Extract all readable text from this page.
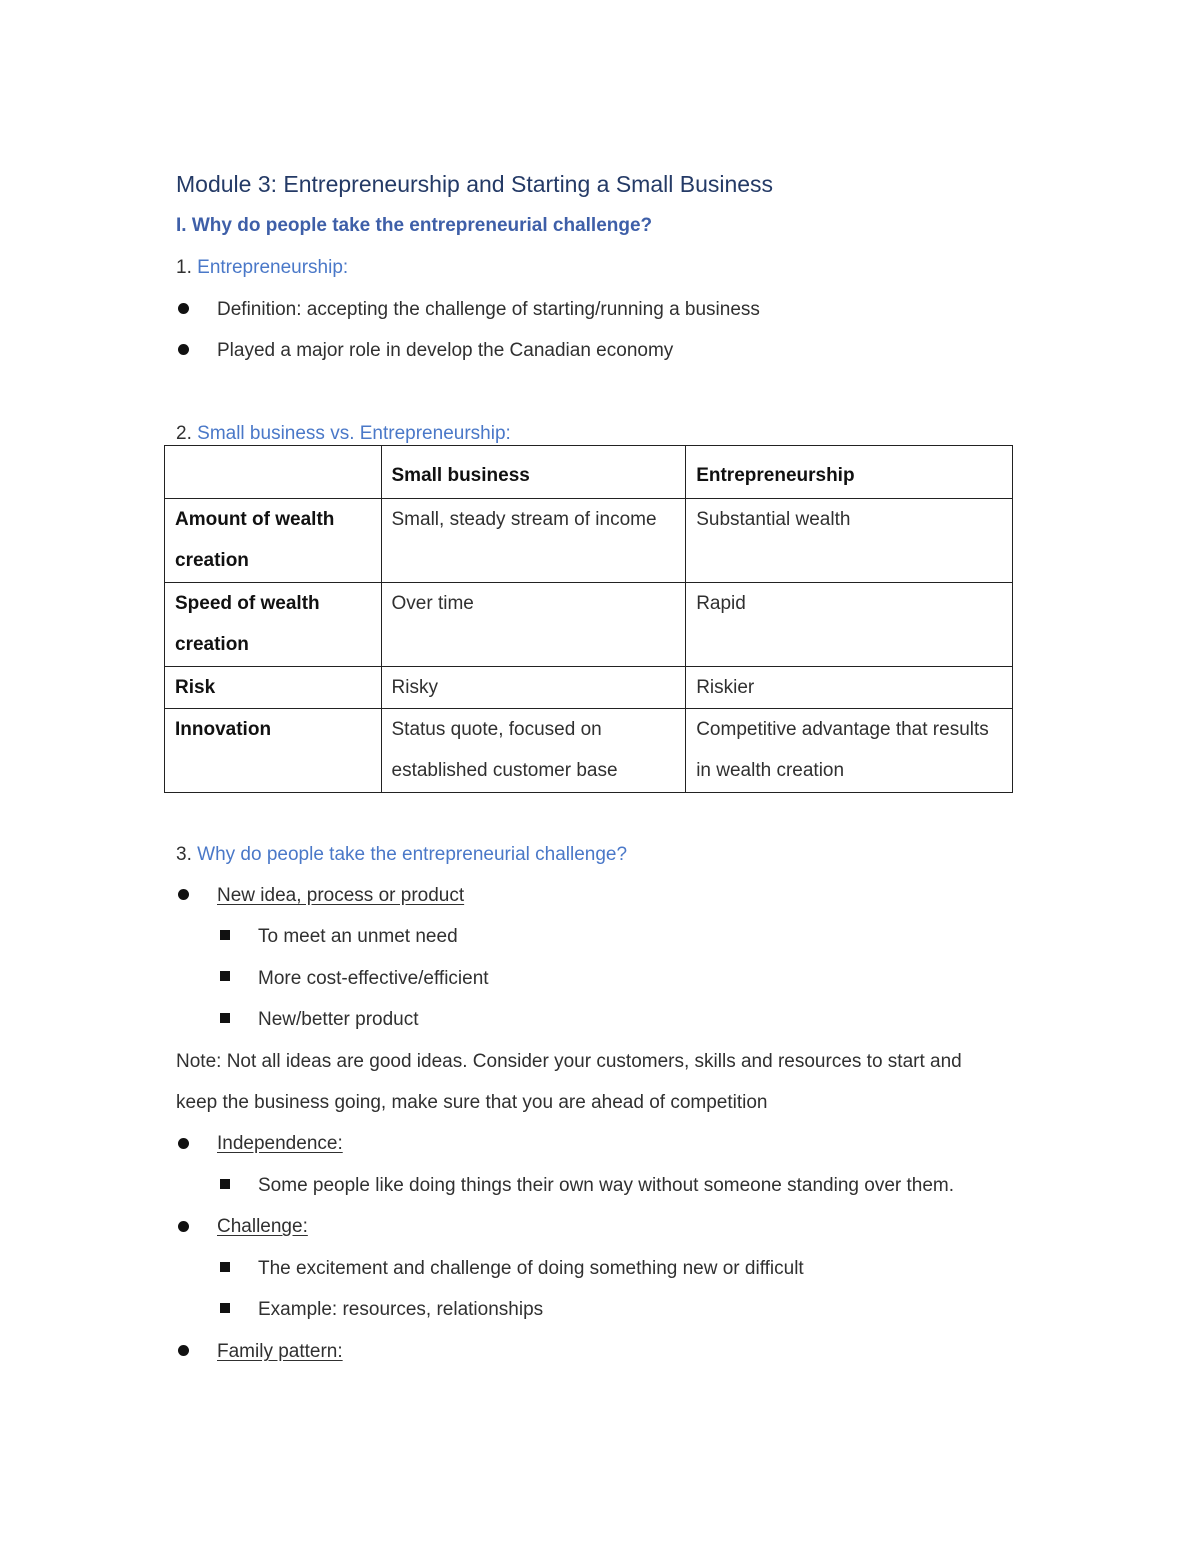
Module 3: Entrepreneurship and Starting a Small Business
I. Why do people take the entrepreneurial challenge?
1. Entrepreneurship:
Definition: accepting the challenge of starting/running a business
Played a major role in develop the Canadian economy
2. Small business vs. Entrepreneurship:
	Small business	Entrepreneurship
Amount of wealth creation	Small, steady stream of income	Substantial wealth
Speed of wealth creation	Over time	Rapid
Risk	Risky	Riskier
Innovation	Status quote, focused on established customer base	Competitive advantage that results in wealth creation
3. Why do people take the entrepreneurial challenge?
New idea, process or product
To meet an unmet need
More cost-effective/efficient
New/better product
Note: Not all ideas are good ideas. Consider your customers, skills and resources to start and
keep the business going, make sure that you are ahead of competition
Independence:
Some people like doing things their own way without someone standing over them.
Challenge:
The excitement and challenge of doing something new or difficult
Example: resources, relationships
Family pattern:
